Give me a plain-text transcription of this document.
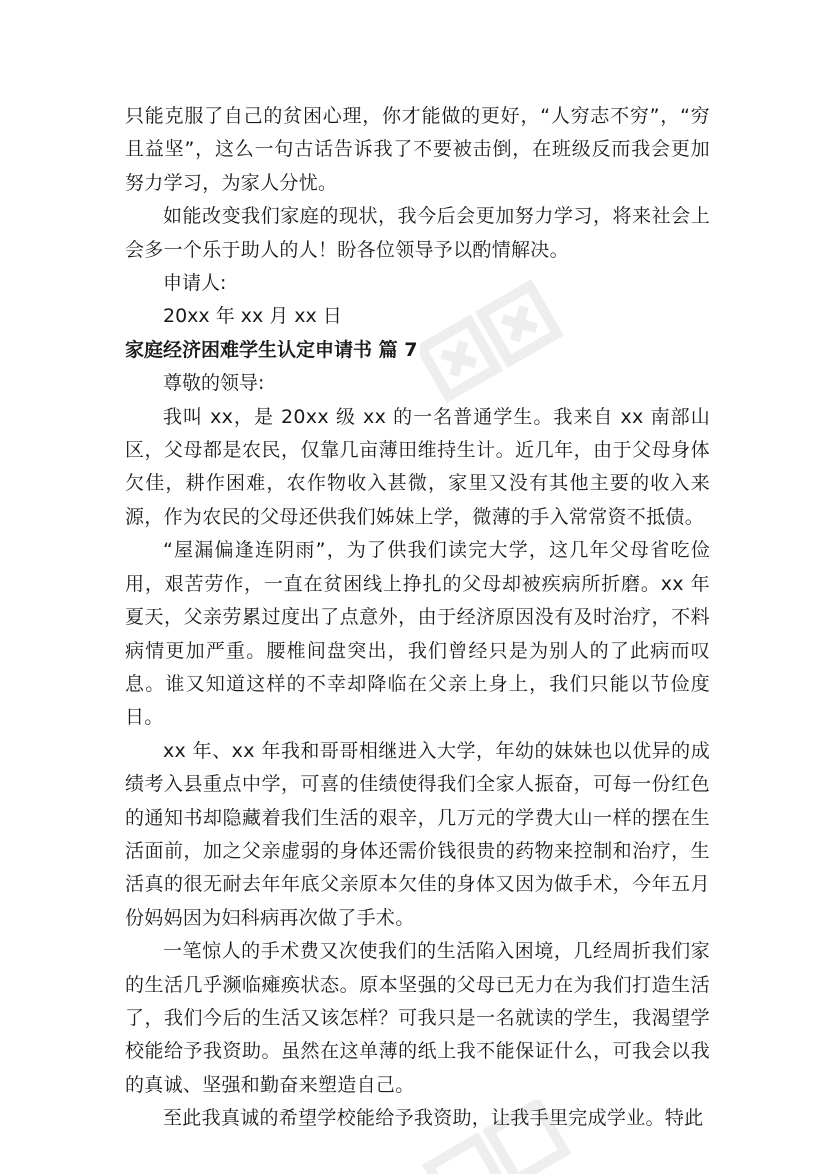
只能克服了自己的贫困心理，你才能做的更好，“人穷志不穷”，“穷且益坚”，这么一句古话告诉我了不要被击倒，在班级反而我会更加努力学习，为家人分忧。

如能改变我们家庭的现状，我今后会更加努力学习，将来社会上会多一个乐于助人的人！盼各位领导予以酌情解决。

申请人:

20xx 年 xx 月 xx 日

家庭经济困难学生认定申请书 篇 7

尊敬的领导:

我叫 xx，是 20xx 级 xx 的一名普通学生。我来自 xx 南部山区，父母都是农民，仅靠几亩薄田维持生计。近几年，由于父母身体欠佳，耕作困难，农作物收入甚微，家里又没有其他主要的收入来源，作为农民的父母还供我们姊妹上学，微薄的手入常常资不抵债。

“屋漏偏逢连阴雨”，为了供我们读完大学，这几年父母省吃俭用，艰苦劳作，一直在贫困线上挣扎的父母却被疾病所折磨。xx 年夏天，父亲劳累过度出了点意外，由于经济原因没有及时治疗，不料病情更加严重。腰椎间盘突出，我们曾经只是为别人的了此病而叹息。谁又知道这样的不幸却降临在父亲上身上，我们只能以节俭度日。

xx 年、xx 年我和哥哥相继进入大学，年幼的妹妹也以优异的成绩考入县重点中学，可喜的佳绩使得我们全家人振奋，可每一份红色的通知书却隐藏着我们生活的艰辛，几万元的学费大山一样的摆在生活面前，加之父亲虚弱的身体还需价钱很贵的药物来控制和治疗，生活真的很无耐去年年底父亲原本欠佳的身体又因为做手术，今年五月份妈妈因为妇科病再次做了手术。

一笔惊人的手术费又次使我们的生活陷入困境，几经周折我们家的生活几乎濒临瘫痪状态。原本坚强的父母已无力在为我们打造生活了，我们今后的生活又该怎样？可我只是一名就读的学生，我渴望学校能给予我资助。虽然在这单薄的纸上我不能保证什么，可我会以我的真诚、坚强和勤奋来塑造自己。

至此我真诚的希望学校能给予我资助，让我手里完成学业。特此
